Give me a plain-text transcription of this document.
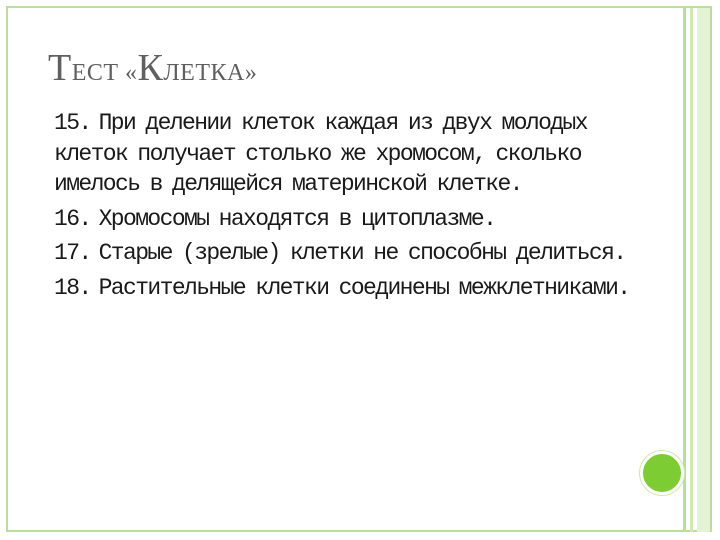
ТЕСТ «КЛЕТКА»
15. При делении клеток каждая из двух молодых клеток получает столько же хромосом, сколько имелось в делящейся материнской клетке.
16. Хромосомы находятся в цитоплазме.
17. Старые (зрелые) клетки не способны делиться.
18. Растительные клетки соединены межклетниками.
